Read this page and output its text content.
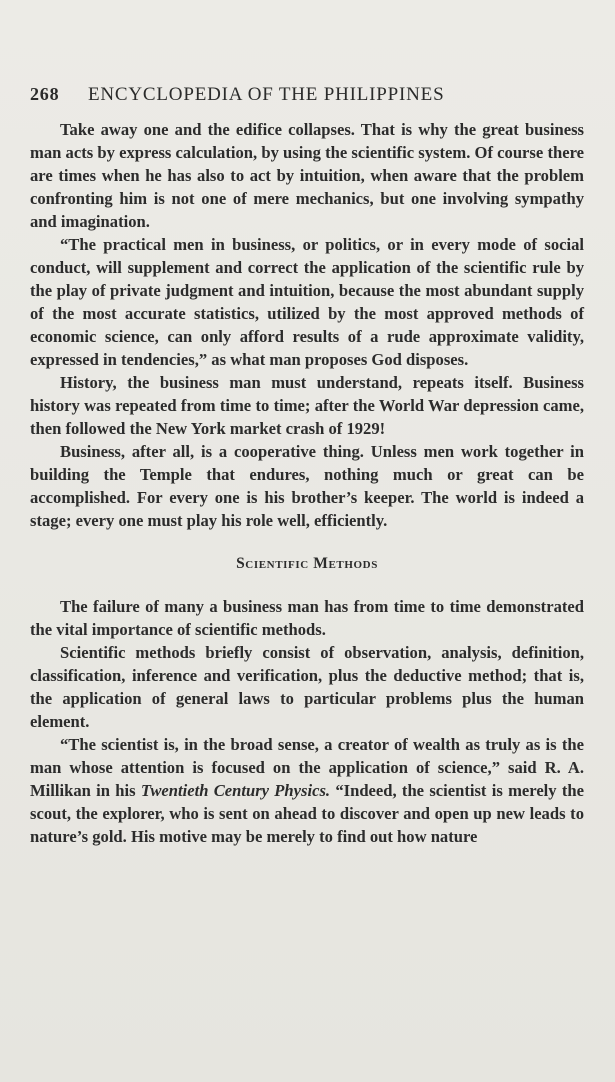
268 ENCYCLOPEDIA OF THE PHILIPPINES

Take away one and the edifice collapses. That is why the great business man acts by express calculation, by using the scientific system. Of course there are times when he has also to act by intuition, when aware that the problem confronting him is not one of mere mechanics, but one involving sympathy and imagination.

“The practical men in business, or politics, or in every mode of social conduct, will supplement and correct the application of the scientific rule by the play of private judgment and intuition, because the most abundant supply of the most accurate statistics, utilized by the most approved methods of economic science, can only afford results of a rude approximate validity, expressed in tendencies,” as what man proposes God disposes.

History, the business man must understand, repeats itself. Business history was repeated from time to time; after the World War depression came, then followed the New York market crash of 1929!

Business, after all, is a cooperative thing. Unless men work together in building the Temple that endures, nothing much or great can be accomplished. For every one is his brother’s keeper. The world is indeed a stage; every one must play his role well, efficiently.

Scientific Methods

The failure of many a business man has from time to time demonstrated the vital importance of scientific methods.

Scientific methods briefly consist of observation, analysis, definition, classification, inference and verification, plus the deductive method; that is, the application of general laws to particular problems plus the human element.

“The scientist is, in the broad sense, a creator of wealth as truly as is the man whose attention is focused on the application of science,” said R. A. Millikan in his Twentieth Century Physics. “Indeed, the scientist is merely the scout, the explorer, who is sent on ahead to discover and open up new leads to nature’s gold. His motive may be merely to find out how nature
